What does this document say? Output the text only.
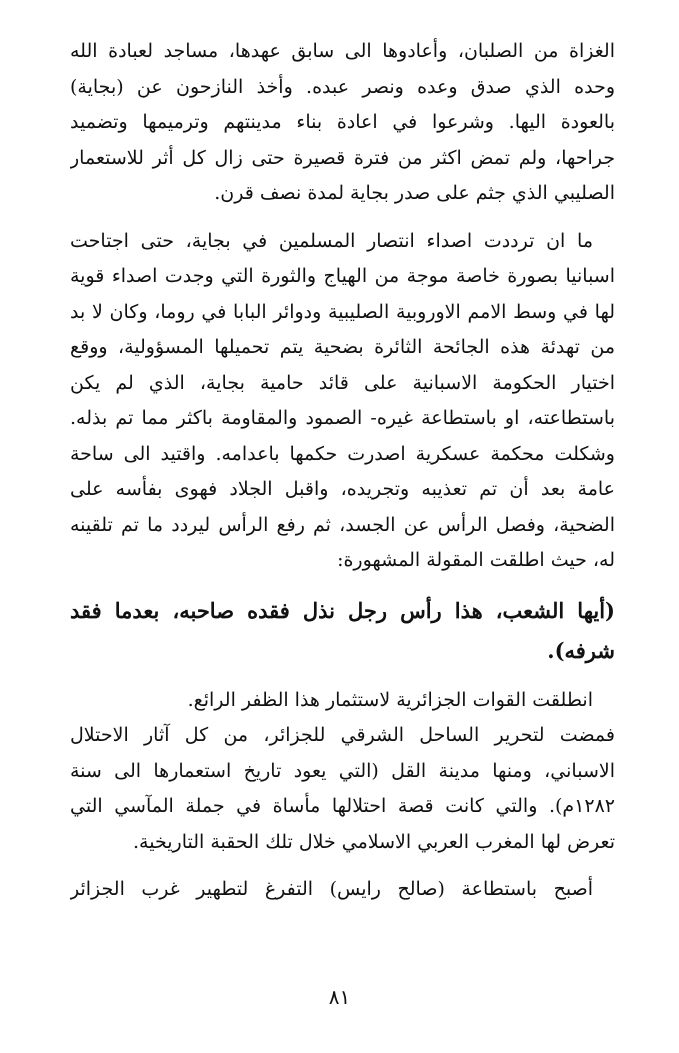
الغزاة من الصلبان، وأعادوها الى سابق عهدها، مساجد لعبادة الله
وحده الذي صدق وعده ونصر عبده. وأخذ النازحون عن (بجاية)
بالعودة اليها. وشرعوا في اعادة بناء مدينتهم وترميمها وتضميد
جراحها، ولم تمض اكثر من فترة قصيرة حتى زال كل أثر للاستعمار
الصليبي الذي جثم على صدر بجاية لمدة نصف قرن.
ما ان ترددت اصداء انتصار المسلمين في بجاية، حتى اجتاحت
اسبانيا بصورة خاصة موجة من الهياج والثورة التي وجدت اصداء قوية
لها في وسط الامم الاوروبية الصليبية ودوائر البابا في روما، وكان لا بد
من تهدئة هذه الجائحة الثائرة بضحية يتم تحميلها المسؤولية، ووقع
اختيار الحكومة الاسبانية على قائد حامية بجاية، الذي لم يكن
باستطاعته، او باستطاعة غيره- الصمود والمقاومة باكثر مما تم بذله.
وشكلت محكمة عسكرية اصدرت حكمها باعدامه. واقتيد الى ساحة
عامة بعد أن تم تعذيبه وتجريده، واقبل الجلاد فهوى بفأسه على
الضحية، وفصل الرأس عن الجسد، ثم رفع الرأس ليردد ما تم تلقينه
له، حيث اطلقت المقولة المشهورة:
(أيها الشعب، هذا رأس رجل نذل فقده صاحبه، بعدما فقد
شرفه).
انطلقت القوات الجزائرية لاستثمار هذا الظفر الرائع.
فمضت لتحرير الساحل الشرقي للجزائر، من كل آثار الاحتلال
الاسباني، ومنها مدينة القل (التي يعود تاريخ استعمارها الى سنة
١٢٨٢م). والتي كانت قصة احتلالها مأساة في جملة المآسي التي
تعرض لها المغرب العربي الاسلامي خلال تلك الحقبة التاريخية.
أصبح باستطاعة (صالح رايس) التفرغ لتطهير غرب الجزائر
٨١
